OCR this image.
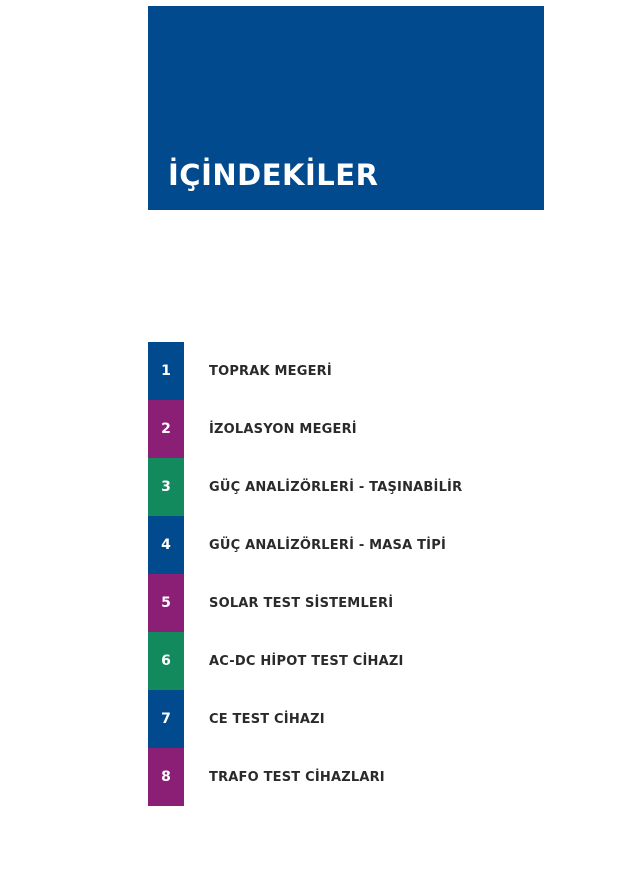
İÇİNDEKİLER
1	TOPRAK MEGERİ
2	İZOLASYON MEGERİ
3	GÜÇ ANALİZÖRLERİ - TAŞINABİLİR
4	GÜÇ ANALİZÖRLERİ - MASA TİPİ
5	SOLAR TEST SİSTEMLERİ
6	AC-DC HİPOT TEST CİHAZI
7	CE TEST CİHAZI
8	TRAFO TEST CİHAZLARI
